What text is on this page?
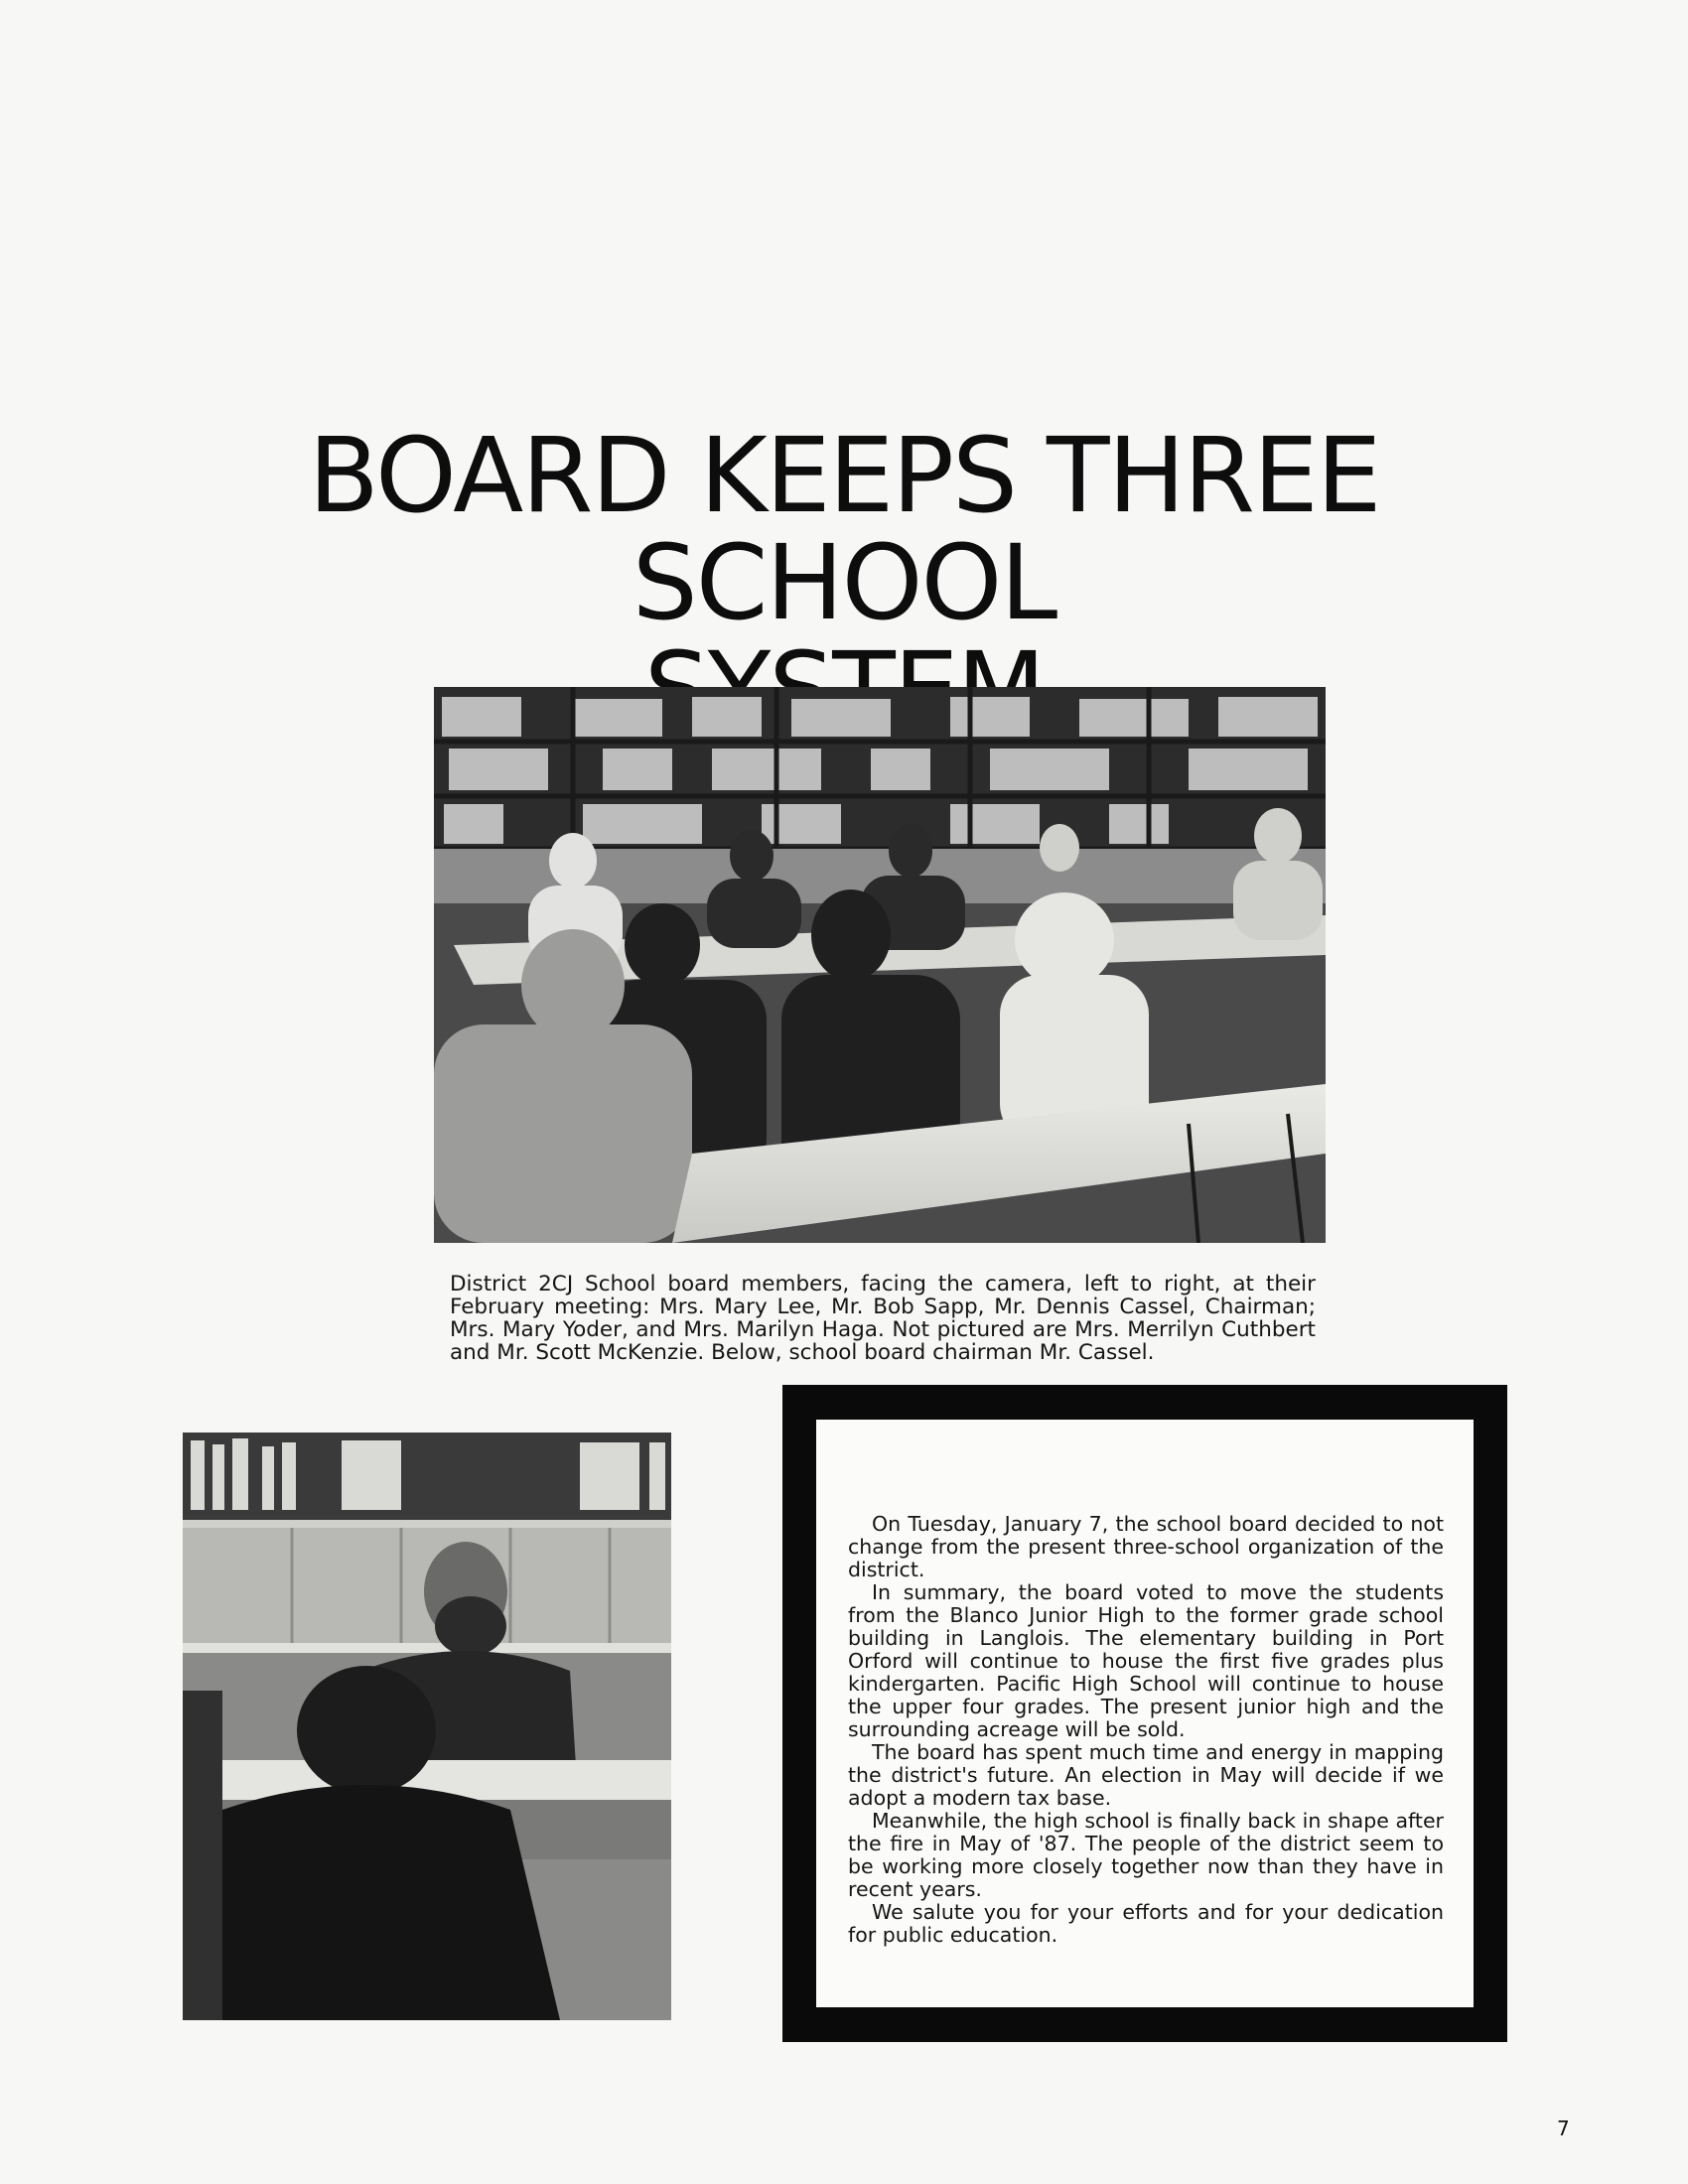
BOARD KEEPS THREE SCHOOL

District 2CJ School board members, facing the camera, left to right, at their February meeting: Mrs. Mary Lee, Mr. Bob Sapp, Mr. Dennis Cassel, Chairman; Mrs. Mary Yoder, and Mrs. Marilyn Haga. Not pictured are Mrs. Merrilyn Cuthbert and Mr. Scott McKenzie. Below, school board chairman Mr. Cassel.

On Tuesday, January 7, the school board decided to not change from the present three-school organization of the district.

In summary, the board voted to move the students from the Blanco Junior High to the former grade school building in Langlois. The elementary building in Port Orford will continue to house the first five grades plus kindergarten. Pacific High School will continue to house the upper four grades. The present junior high and the surrounding acreage will be sold.

The board has spent much time and energy in mapping the district's future. An election in May will decide if we adopt a modern tax base.

Meanwhile, the high school is finally back in shape after the fire in May of '87. The people of the district seem to be working more closely together now than they have in recent years.

We salute you for your efforts and for your dedication for public education.

7
